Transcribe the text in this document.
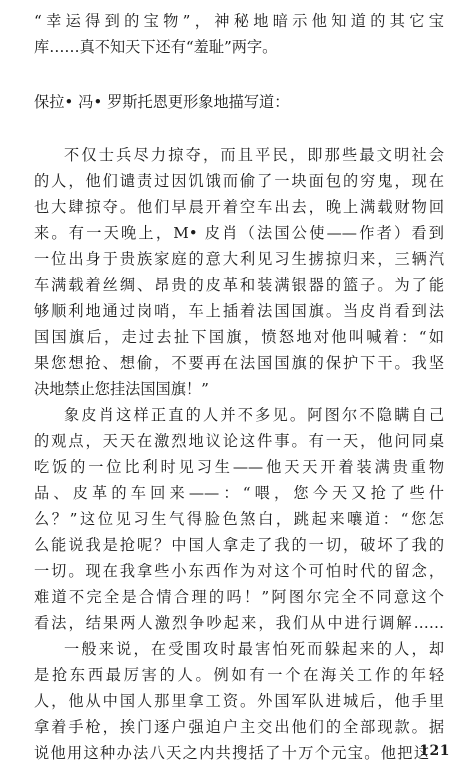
“幸运得到的宝物”，神秘地暗示他知道的其它宝
库……真不知天下还有“羞耻”两字。
保拉• 冯• 罗斯托恩更形象地描写道：
不仅士兵尽力掠夺，而且平民，即那些最文明社会
的人，他们谴责过因饥饿而偷了一块面包的穷鬼，现在
也大肆掠夺。他们早晨开着空车出去，晚上满载财物回
来。有一天晚上，M• 皮肖（法国公使——作者）看到
一位出身于贵族家庭的意大利见习生掳掠归来，三辆汽
车满载着丝绸、昂贵的皮革和装满银器的篮子。为了能
够顺利地通过岗哨，车上插着法国国旗。当皮肖看到法
国国旗后，走过去扯下国旗，愤怒地对他叫喊着：“如
果您想抢、想偷，不要再在法国国旗的保护下干。我坚
决地禁止您挂法国国旗！”
象皮肖这样正直的人并不多见。阿图尔不隐瞒自己
的观点，天天在激烈地议论这件事。有一天，他问同桌
吃饭的一位比利时见习生——他天天开着装满贵重物
品、皮革的车回来——：“喂，您今天又抢了些什
么？”这位见习生气得脸色煞白，跳起来嚷道：“您怎
么能说我是抢呢？中国人拿走了我的一切，破坏了我的
一切。现在我拿些小东西作为对这个可怕时代的留念，
难道不完全是合情合理的吗！”阿图尔完全不同意这个
看法，结果两人激烈争吵起来，我们从中进行调解……
一般来说，在受围攻时最害怕死而躲起来的人，却
是抢东西最厉害的人。例如有一个在海关工作的年轻
人，他从中国人那里拿工资。外国军队进城后，他手里
拿着手枪，挨门逐户强迫户主交出他们的全部现款。据
说他用这种办法八天之内共搜括了十万个元宝。他把这
121
